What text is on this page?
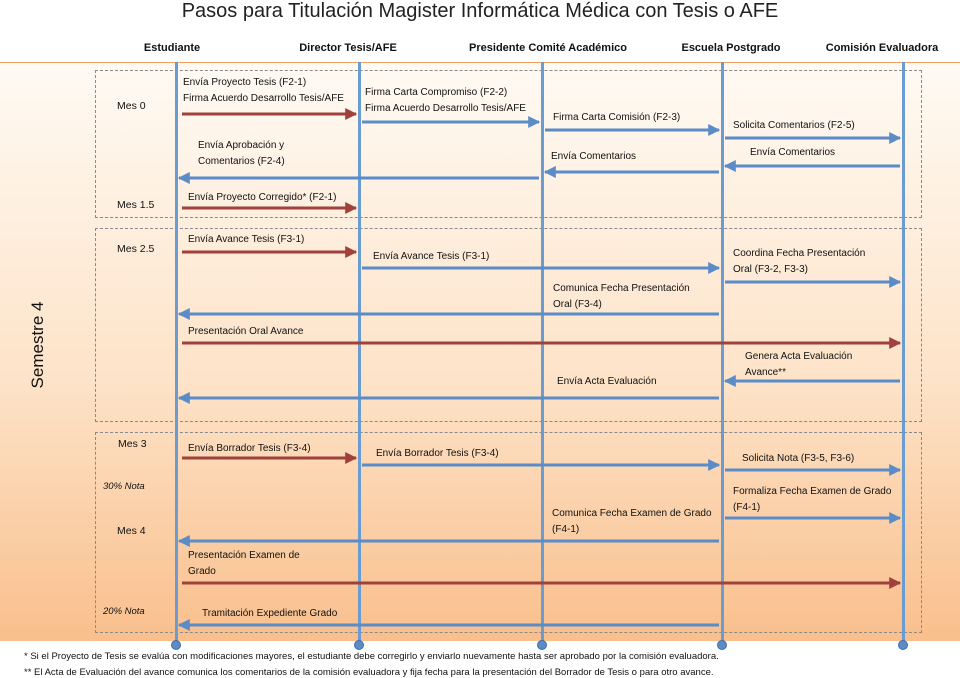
Pasos para Titulación Magister Informática Médica con Tesis o AFE
Estudiante	Director Tesis/AFE	Presidente Comité Académico	Escuela Postgrado	Comisión Evaluadora
Semestre 4
Mes 0
Mes 1.5
Mes 2.5
Mes 3
Mes 4
30% Nota
20% Nota
Envía Proyecto Tesis (F2-1)
Firma Acuerdo Desarrollo Tesis/AFE
Firma Carta Compromiso (F2-2)
Firma Acuerdo Desarrollo Tesis/AFE
Firma Carta Comisión (F2-3)
Solicita Comentarios (F2-5)
Envía Comentarios
Envía Comentarios
Envía Aprobación y
Comentarios (F2-4)
Envía Proyecto Corregido* (F2-1)
Envía Avance Tesis (F3-1)
Envía Avance Tesis (F3-1)	Coordina Fecha Presentación
Oral (F3-2, F3-3)
Comunica Fecha Presentación
Oral (F3-4)
Presentación Oral Avance
Genera Acta Evaluación
Avance**
Envía Acta Evaluación
Envía Borrador Tesis (F3-4)	Envía Borrador Tesis (F3-4)	Solicita Nota (F3-5, F3-6)
Formaliza Fecha Examen de Grado
(F4-1)
Comunica Fecha Examen de Grado
(F4-1)
Presentación Examen de
Grado
Tramitación Expediente Grado
* Si el Proyecto de Tesis se evalúa con modificaciones mayores, el estudiante debe corregirlo y enviarlo nuevamente hasta ser aprobado por la comisión evaluadora.
** El Acta de Evaluación del avance comunica los comentarios de la comisión evaluadora y fija fecha para la presentación del Borrador de Tesis o para otro avance.
